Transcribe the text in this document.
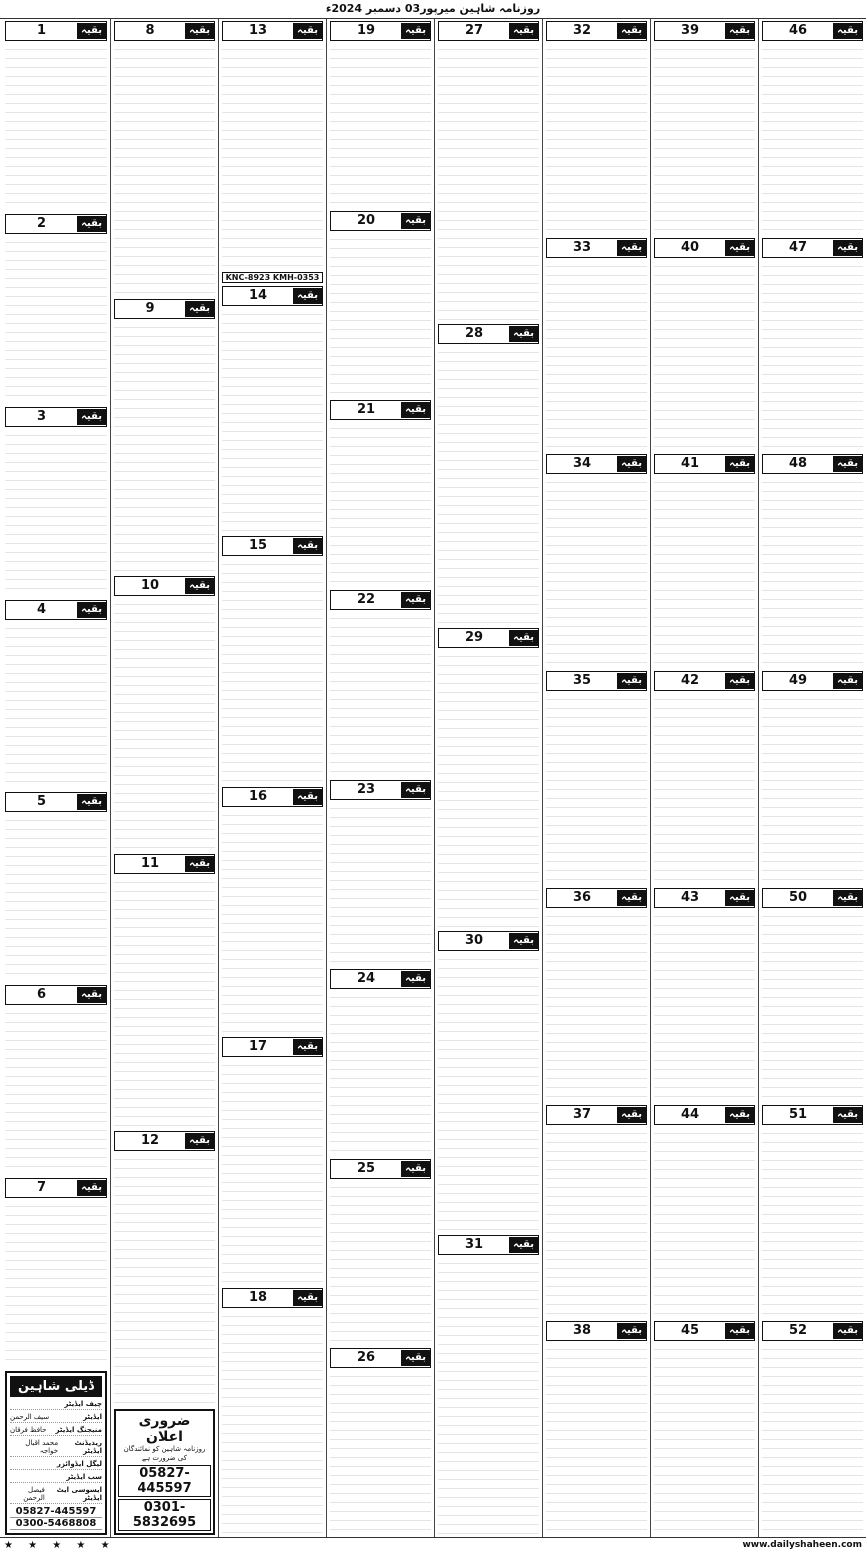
روزنامہ شاہین میرپور03 دسمبر 2024ء
46	بقیہ
47	بقیہ
48	بقیہ
49	بقیہ
50	بقیہ
51	بقیہ
52	بقیہ
39	بقیہ
40	بقیہ
41	بقیہ
42	بقیہ
43	بقیہ
44	بقیہ
45	بقیہ
32	بقیہ
33	بقیہ
34	بقیہ
35	بقیہ
36	بقیہ
37	بقیہ
38	بقیہ
27	بقیہ
28	بقیہ
29	بقیہ
30	بقیہ
31	بقیہ
19	بقیہ
20	بقیہ
21	بقیہ
22	بقیہ
23	بقیہ
24	بقیہ
25	بقیہ
26	بقیہ
13	بقیہ
KNC-8923 KMH-0353
14	بقیہ
15	بقیہ
16	بقیہ
17	بقیہ
18	بقیہ
8	بقیہ
9	بقیہ
10	بقیہ
11	بقیہ
12	بقیہ
ضروری اعلان
روزنامہ شاہین کو نمائندگان کی ضرورت ہے
05827-445597
0301-5832695
1	بقیہ
2	بقیہ
3	بقیہ
4	بقیہ
5	بقیہ
6	بقیہ
7	بقیہ
ڈیلی شاہین
چیف ایڈیٹر
ایڈیٹر
سیف الرحمن
منیجنگ ایڈیٹر
حافظ فرقان
ریذیڈنٹ ایڈیٹر
محمد اقبال خواجہ
لیگل ایڈوائزر
سب ایڈیٹر
ایسوسی ایٹ ایڈیٹر
فیصل الرحمن
05827-445597
0300-5468808
★ ★ ★ ★ ★	www.dailyshaheen.com
